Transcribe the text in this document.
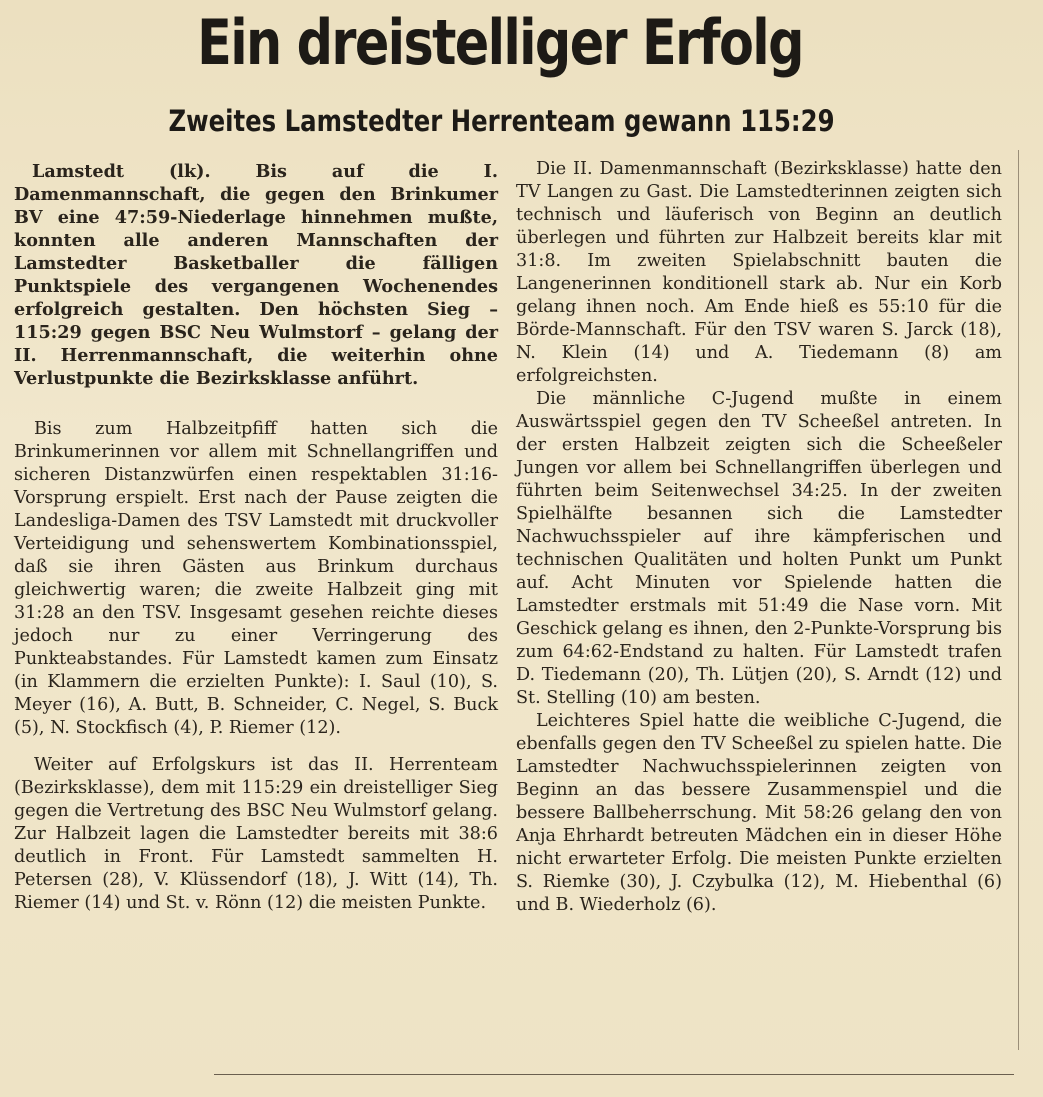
Ein dreistelliger Erfolg
Zweites Lamstedter Herrenteam gewann 115:29

Lamstedt (lk). Bis auf die I. Damenmannschaft, die gegen den Brinkumer BV eine 47:59-Niederlage hinnehmen mußte, konnten alle anderen Mannschaften der Lamstedter Basketballer die fälligen Punktspiele des vergangenen Wochenendes erfolgreich gestalten. Den höchsten Sieg – 115:29 gegen BSC Neu Wulmstorf – gelang der II. Herrenmannschaft, die weiterhin ohne Verlustpunkte die Bezirksklasse anführt.

Bis zum Halbzeitpfiff hatten sich die Brinkumerinnen vor allem mit Schnellangriffen und sicheren Distanzwürfen einen respektablen 31:16-Vorsprung erspielt. Erst nach der Pause zeigten die Landesliga-Damen des TSV Lamstedt mit druckvoller Verteidigung und sehenswertem Kombinationsspiel, daß sie ihren Gästen aus Brinkum durchaus gleichwertig waren; die zweite Halbzeit ging mit 31:28 an den TSV. Insgesamt gesehen reichte dieses jedoch nur zu einer Verringerung des Punkteabstandes. Für Lamstedt kamen zum Einsatz (in Klammern die erzielten Punkte): I. Saul (10), S. Meyer (16), A. Butt, B. Schneider, C. Negel, S. Buck (5), N. Stockfisch (4), P. Riemer (12).

Weiter auf Erfolgskurs ist das II. Herrenteam (Bezirksklasse), dem mit 115:29 ein dreistelliger Sieg gegen die Vertretung des BSC Neu Wulmstorf gelang. Zur Halbzeit lagen die Lamstedter bereits mit 38:6 deutlich in Front. Für Lamstedt sammelten H. Petersen (28), V. Klüssendorf (18), J. Witt (14), Th. Riemer (14) und St. v. Rönn (12) die meisten Punkte.

Die II. Damenmannschaft (Bezirksklasse) hatte den TV Langen zu Gast. Die Lamstedterinnen zeigten sich technisch und läuferisch von Beginn an deutlich überlegen und führten zur Halbzeit bereits klar mit 31:8. Im zweiten Spielabschnitt bauten die Langenerinnen konditionell stark ab. Nur ein Korb gelang ihnen noch. Am Ende hieß es 55:10 für die Börde-Mannschaft. Für den TSV waren S. Jarck (18), N. Klein (14) und A. Tiedemann (8) am erfolgreichsten.

Die männliche C-Jugend mußte in einem Auswärtsspiel gegen den TV Scheeßel antreten. In der ersten Halbzeit zeigten sich die Scheeßeler Jungen vor allem bei Schnellangriffen überlegen und führten beim Seitenwechsel 34:25. In der zweiten Spielhälfte besannen sich die Lamstedter Nachwuchsspieler auf ihre kämpferischen und technischen Qualitäten und holten Punkt um Punkt auf. Acht Minuten vor Spielende hatten die Lamstedter erstmals mit 51:49 die Nase vorn. Mit Geschick gelang es ihnen, den 2-Punkte-Vorsprung bis zum 64:62-Endstand zu halten. Für Lamstedt trafen D. Tiedemann (20), Th. Lütjen (20), S. Arndt (12) und St. Stelling (10) am besten.

Leichteres Spiel hatte die weibliche C-Jugend, die ebenfalls gegen den TV Scheeßel zu spielen hatte. Die Lamstedter Nachwuchsspielerinnen zeigten von Beginn an das bessere Zusammenspiel und die bessere Ballbeherrschung. Mit 58:26 gelang den von Anja Ehrhardt betreuten Mädchen ein in dieser Höhe nicht erwarteter Erfolg. Die meisten Punkte erzielten S. Riemke (30), J. Czybulka (12), M. Hiebenthal (6) und B. Wiederholz (6).
